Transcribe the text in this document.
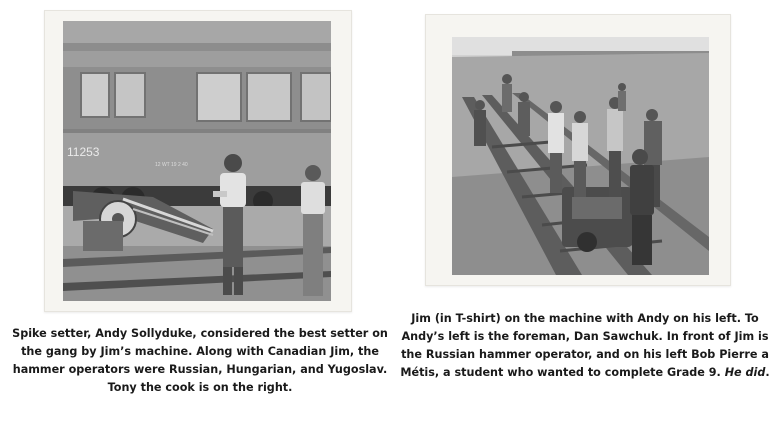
11253
12 WT 19 2 40

Spike setter, Andy Sollyduke, considered the best setter on the gang by Jim’s machine. Along with Canadian Jim, the hammer operators were Russian, Hungarian, and Yugoslav. Tony the cook is on the right.

Jim (in T-shirt) on the machine with Andy on his left. To Andy’s left is the foreman, Dan Sawchuk. In front of Jim is the Russian hammer operator, and on his left Bob Pierre a Métis, a student who wanted to complete Grade 9. He did.
